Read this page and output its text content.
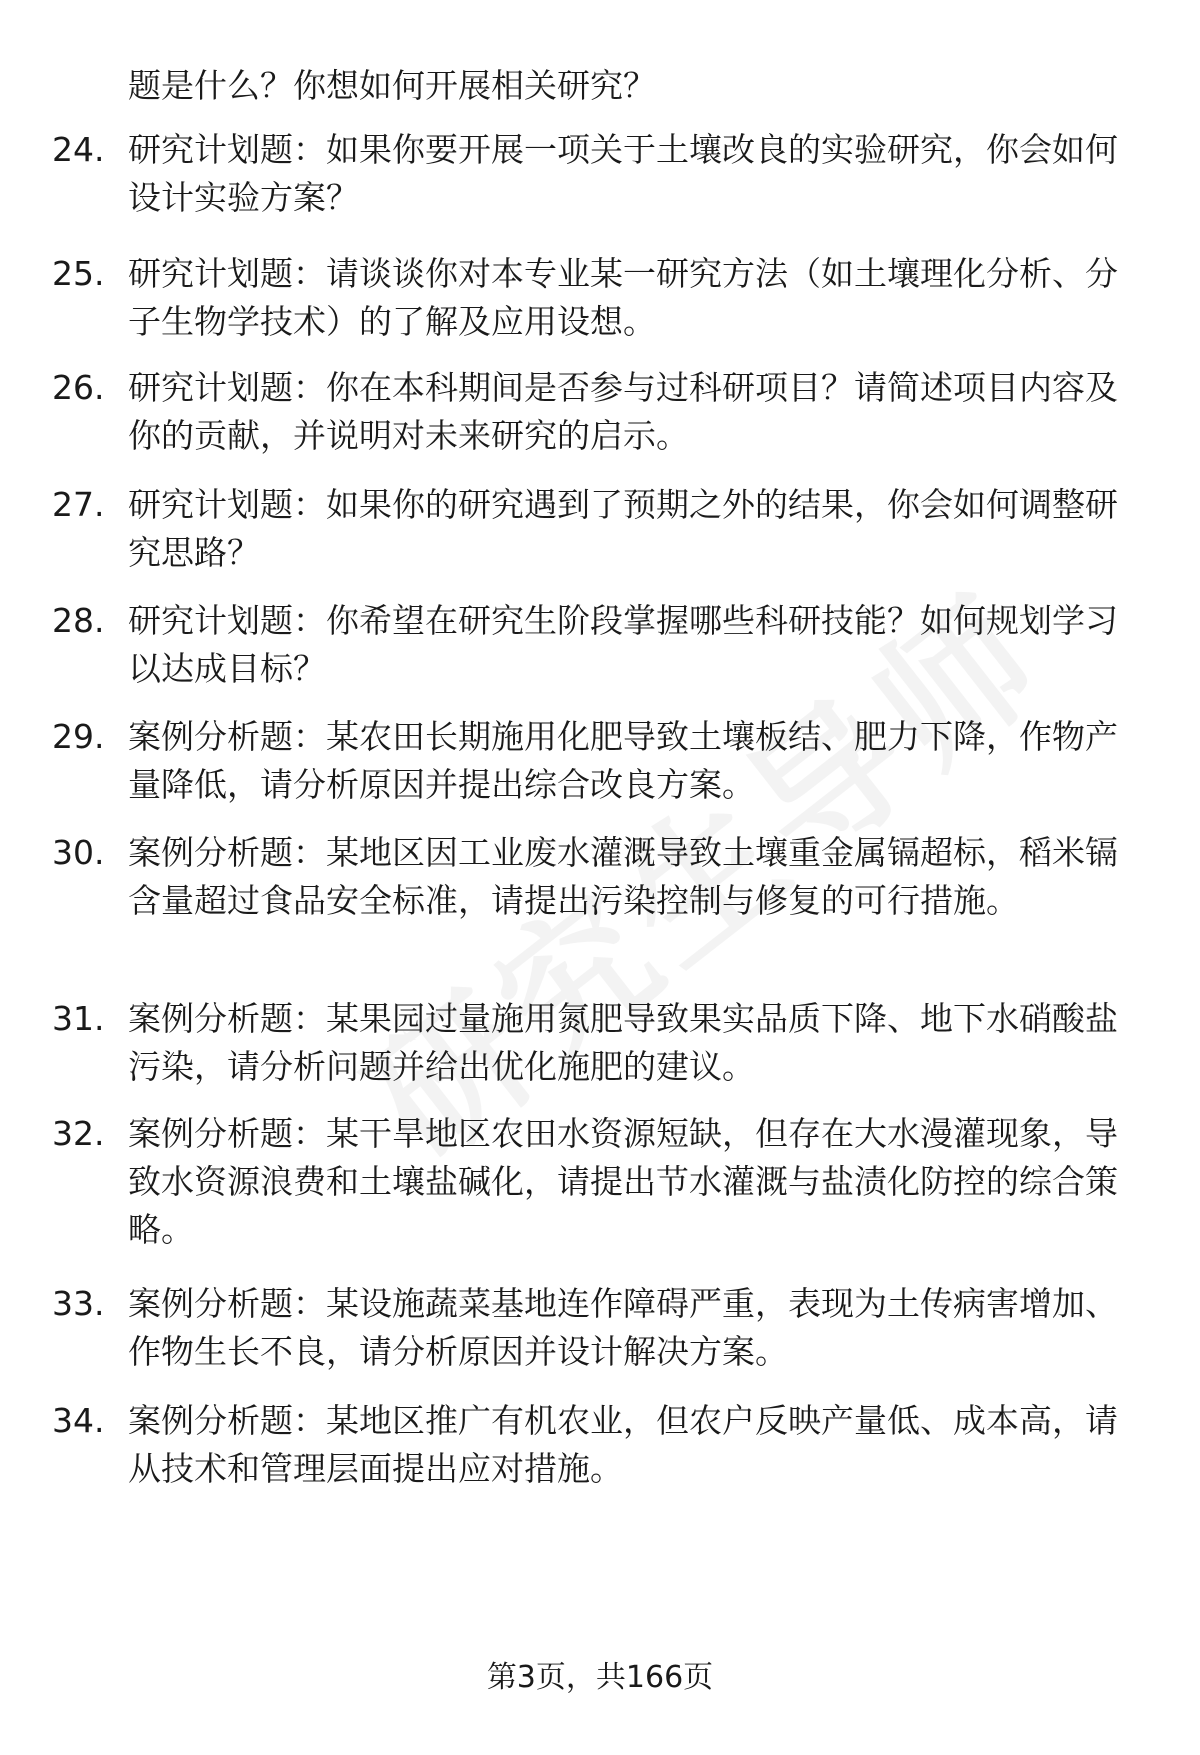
题是什么？你想如何开展相关研究？

24. 研究计划题：如果你要开展一项关于土壤改良的实验研究，你会如何设计实验方案？
25. 研究计划题：请谈谈你对本专业某一研究方法（如土壤理化分析、分子生物学技术）的了解及应用设想。
26. 研究计划题：你在本科期间是否参与过科研项目？请简述项目内容及你的贡献，并说明对未来研究的启示。
27. 研究计划题：如果你的研究遇到了预期之外的结果，你会如何调整研究思路？
28. 研究计划题：你希望在研究生阶段掌握哪些科研技能？如何规划学习以达成目标？
29. 案例分析题：某农田长期施用化肥导致土壤板结、肥力下降，作物产量降低，请分析原因并提出综合改良方案。
30. 案例分析题：某地区因工业废水灌溉导致土壤重金属镉超标，稻米镉含量超过食品安全标准，请提出污染控制与修复的可行措施。
31. 案例分析题：某果园过量施用氮肥导致果实品质下降、地下水硝酸盐污染，请分析问题并给出优化施肥的建议。
32. 案例分析题：某干旱地区农田水资源短缺，但存在大水漫灌现象，导致水资源浪费和土壤盐碱化，请提出节水灌溉与盐渍化防控的综合策略。
33. 案例分析题：某设施蔬菜基地连作障碍严重，表现为土传病害增加、作物生长不良，请分析原因并设计解决方案。
34. 案例分析题：某地区推广有机农业，但农户反映产量低、成本高，请从技术和管理层面提出应对措施。
第3页，共166页
